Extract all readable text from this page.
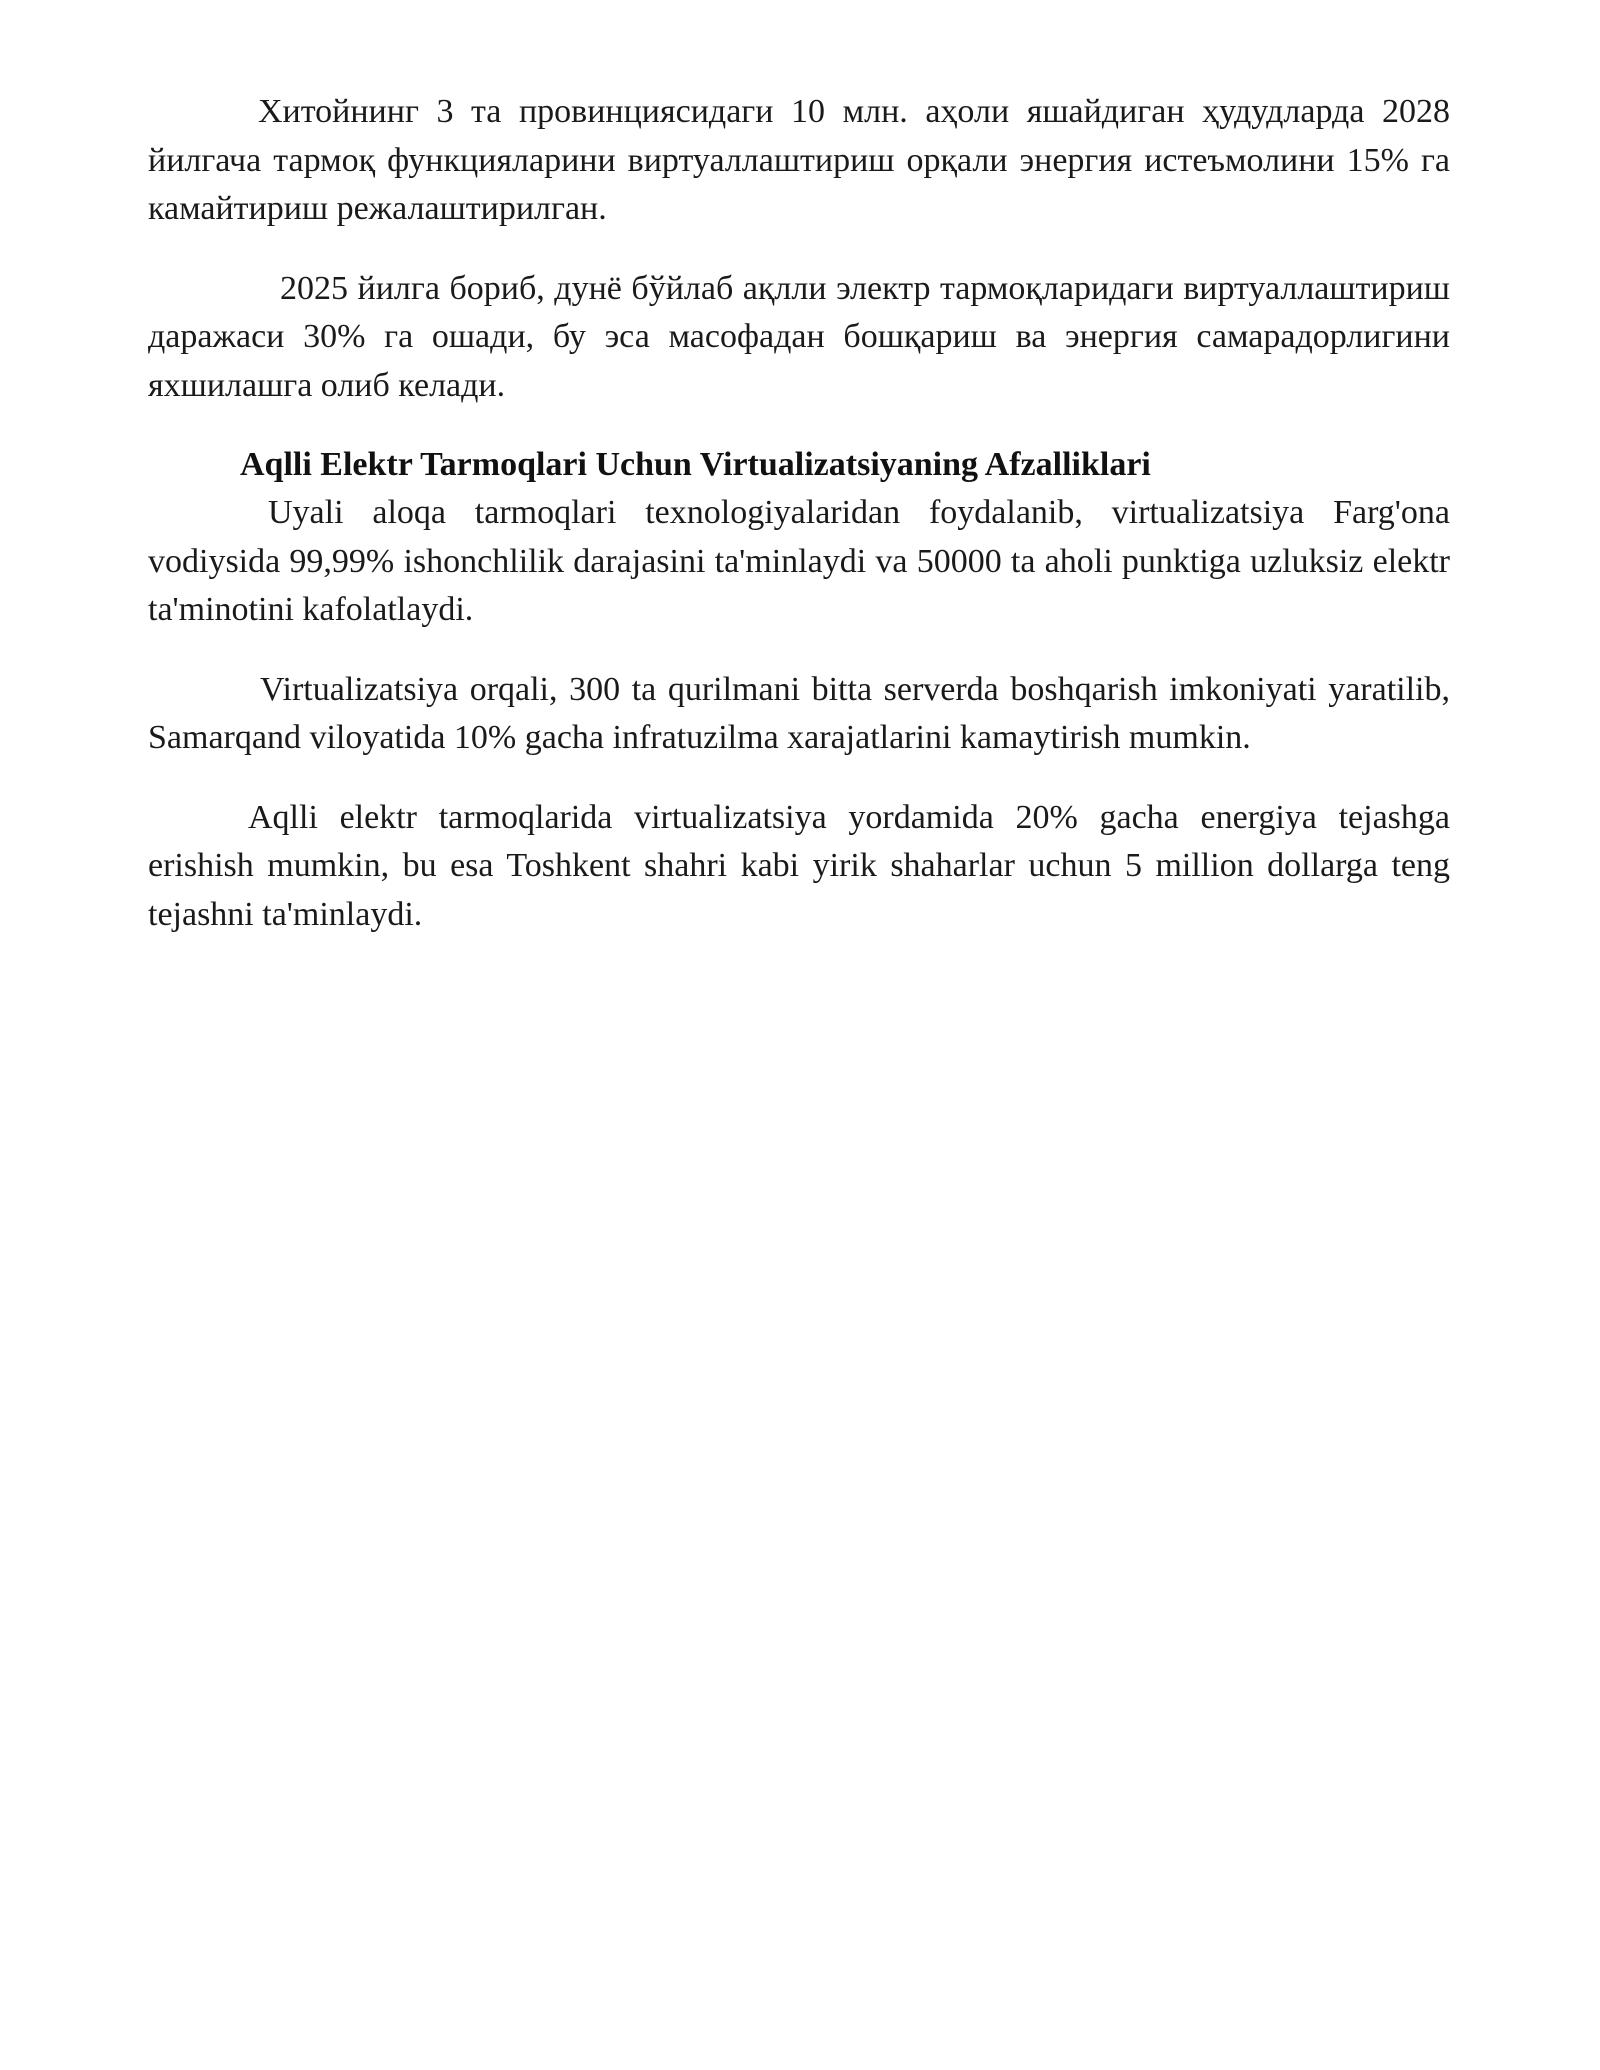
Хитойнинг 3 та провинциясидаги 10 млн. аҳоли яшайдиган ҳудудларда 2028 йилгача тармоқ функцияларини виртуаллаштириш орқали энергия истеъмолини 15% га камайтириш режалаштирилган.

2025 йилга бориб, дунё бўйлаб ақлли электр тармоқларидаги виртуаллаштириш даражаси 30% га ошади, бу эса масофадан бошқариш ва энергия самарадорлигини яхшилашга олиб келади.

Aqlli Elektr Tarmoqlari Uchun Virtualizatsiyaning Afzalliklari

Uyali aloqa tarmoqlari texnologiyalaridan foydalanib, virtualizatsiya Farg'ona vodiysida 99,99% ishonchlilik darajasini ta'minlaydi va 50000 ta aholi punktiga uzluksiz elektr ta'minotini kafolatlaydi.

Virtualizatsiya orqali, 300 ta qurilmani bitta serverda boshqarish imkoniyati yaratilib, Samarqand viloyatida 10% gacha infratuzilma xarajatlarini kamaytirish mumkin.

Aqlli elektr tarmoqlarida virtualizatsiya yordamida 20% gacha energiya tejashga erishish mumkin, bu esa Toshkent shahri kabi yirik shaharlar uchun 5 million dollarga teng tejashni ta'minlaydi.
